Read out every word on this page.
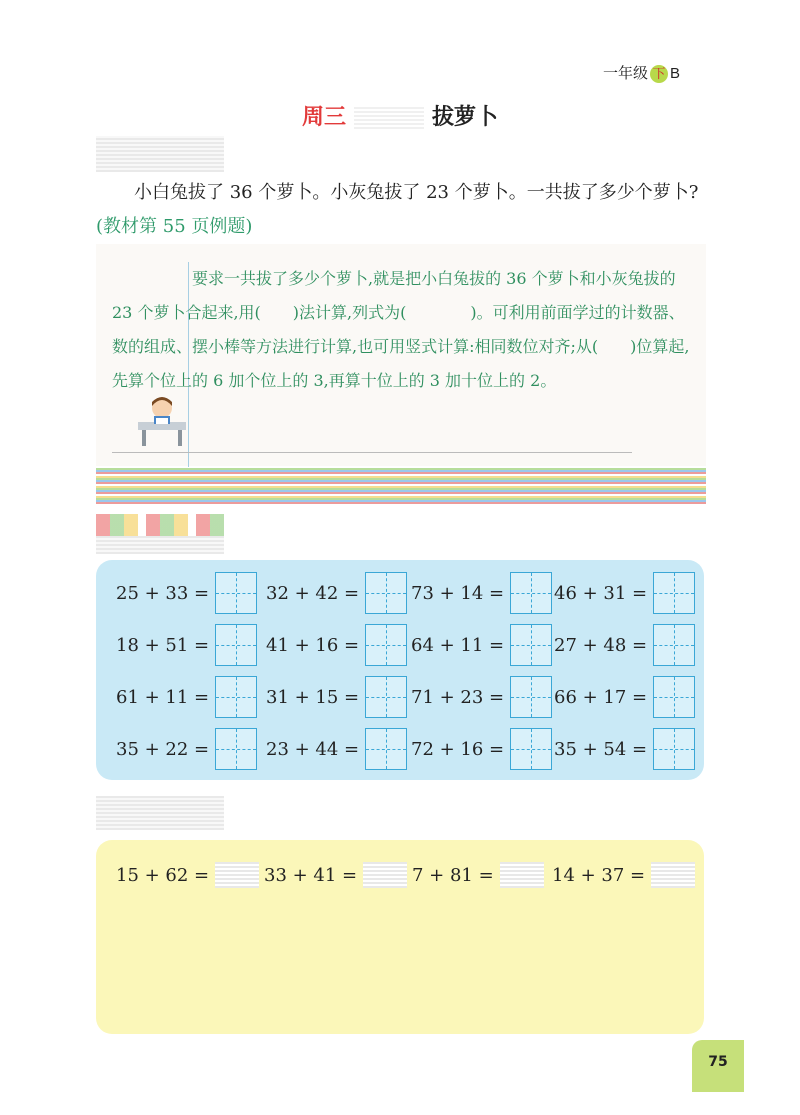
一年级 下 B
周三	拔萝卜
小白兔拔了 36 个萝卜。小灰兔拔了 23 个萝卜。一共拔了多少个萝卜?(教材第 55 页例题)
要求一共拔了多少个萝卜,就是把小白兔拔的 36 个萝卜和小灰兔拔的 23 个萝卜合起来,用(　　)法计算,列式为(　　　　)。可利用前面学过的计数器、数的组成、摆小棒等方法进行计算,也可用竖式计算:相同数位对齐;从(　　)位算起,先算个位上的 6 加个位上的 3,再算十位上的 3 加十位上的 2。
25 + 33 =	32 + 42 =	73 + 14 =	46 + 31 =
18 + 51 =	41 + 16 =	64 + 11 =	27 + 48 =
61 + 11 =	31 + 15 =	71 + 23 =	66 + 17 =
35 + 22 =	23 + 44 =	72 + 16 =	35 + 54 =
15 + 62 =	33 + 41 =	7 + 81 =	14 + 37 =
75
